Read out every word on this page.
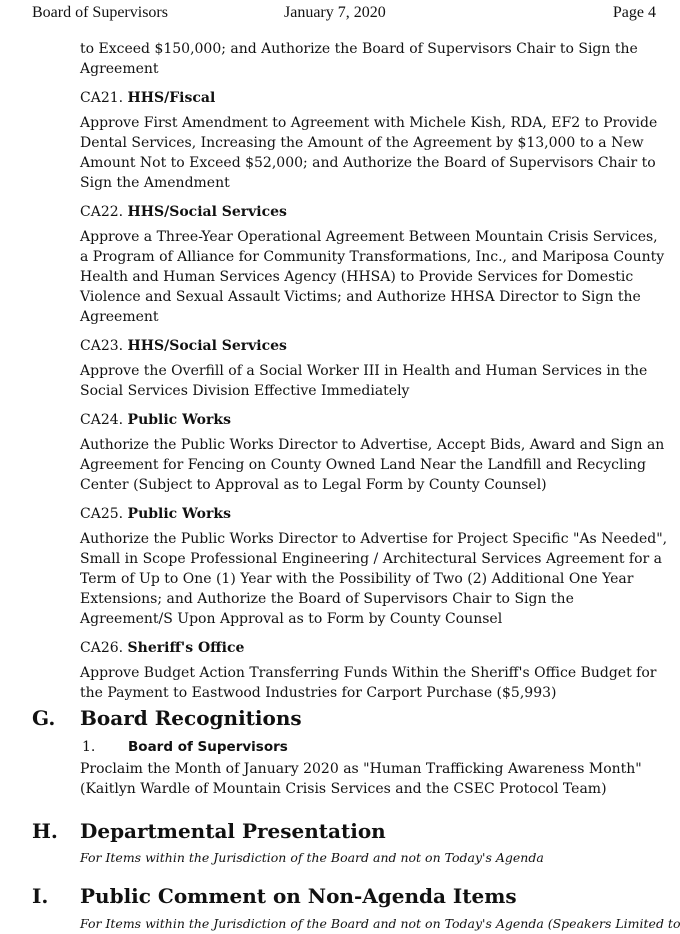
Board of Supervisors	January 7, 2020	Page 4

to Exceed $150,000; and Authorize the Board of Supervisors Chair to Sign the Agreement

CA21. HHS/Fiscal

Approve First Amendment to Agreement with Michele Kish, RDA, EF2 to Provide Dental Services, Increasing the Amount of the Agreement by $13,000 to a New Amount Not to Exceed $52,000; and Authorize the Board of Supervisors Chair to Sign the Amendment

CA22. HHS/Social Services

Approve a Three-Year Operational Agreement Between Mountain Crisis Services, a Program of Alliance for Community Transformations, Inc., and Mariposa County Health and Human Services Agency (HHSA) to Provide Services for Domestic Violence and Sexual Assault Victims; and Authorize HHSA Director to Sign the Agreement

CA23. HHS/Social Services

Approve the Overfill of a Social Worker III in Health and Human Services in the Social Services Division Effective Immediately

CA24. Public Works

Authorize the Public Works Director to Advertise, Accept Bids, Award and Sign an Agreement for Fencing on County Owned Land Near the Landfill and Recycling Center (Subject to Approval as to Legal Form by County Counsel)

CA25. Public Works

Authorize the Public Works Director to Advertise for Project Specific "As Needed", Small in Scope Professional Engineering / Architectural Services Agreement for a Term of Up to One (1) Year with the Possibility of Two (2) Additional One Year Extensions; and Authorize the Board of Supervisors Chair to Sign the Agreement/S Upon Approval as to Form by County Counsel

CA26. Sheriff's Office

Approve Budget Action Transferring Funds Within the Sheriff's Office Budget for the Payment to Eastwood Industries for Carport Purchase ($5,993)

G. Board Recognitions
1. Board of Supervisors

Proclaim the Month of January 2020 as "Human Trafficking Awareness Month" (Kaitlyn Wardle of Mountain Crisis Services and the CSEC Protocol Team)

H. Departmental Presentation

For Items within the Jurisdiction of the Board and not on Today's Agenda

I. Public Comment on Non-Agenda Items

For Items within the Jurisdiction of the Board and not on Today's Agenda (Speakers Limited to
